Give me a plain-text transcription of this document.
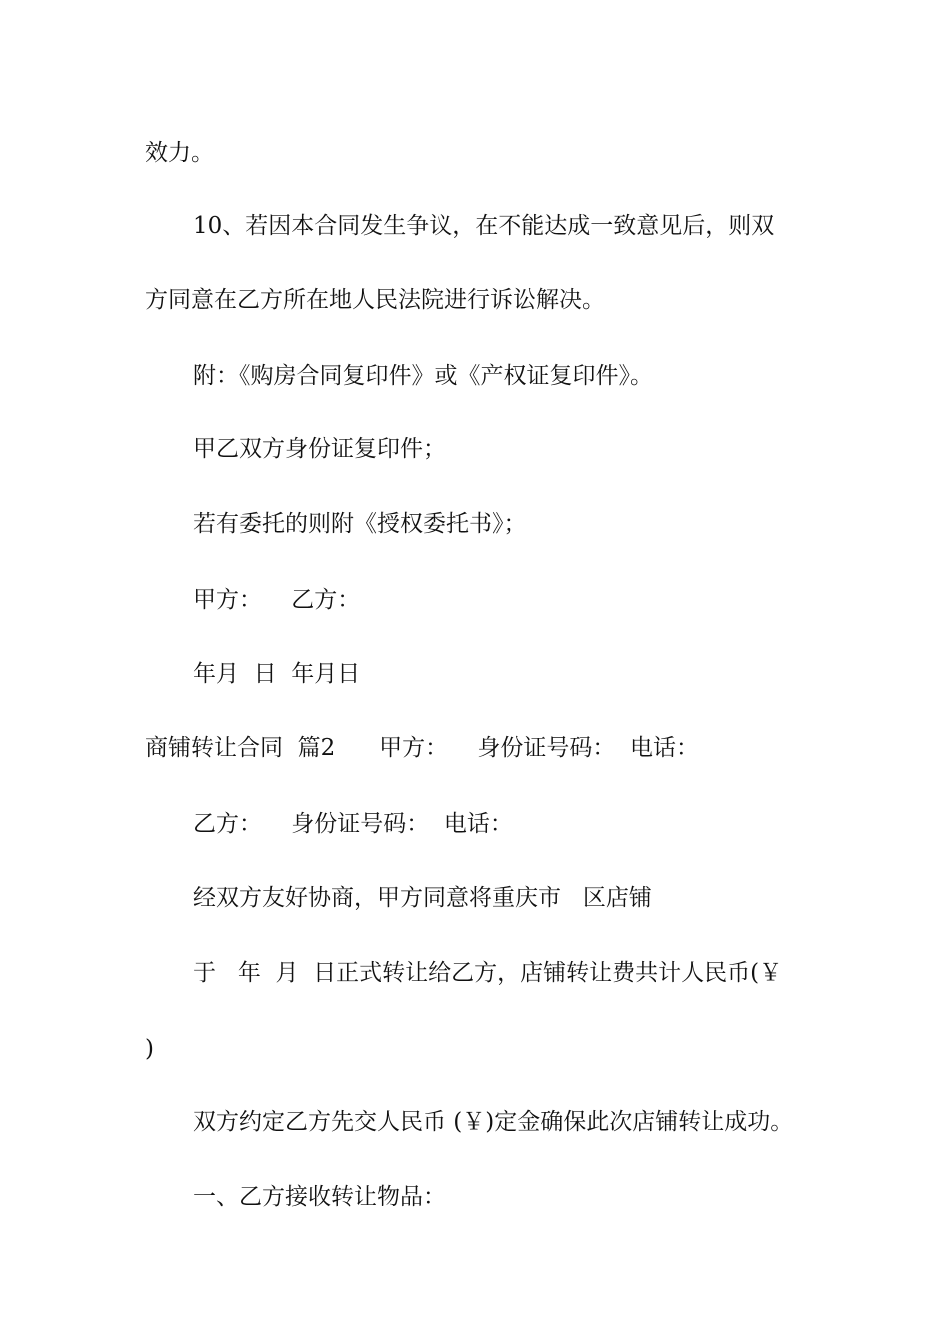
效力。

10、若因本合同发生争议，在不能达成一致意见后，则双

方同意在乙方所在地人民法院进行诉讼解决。

附：《购房合同复印件》或《产权证复印件》。

甲乙双方身份证复印件；

若有委托的则附《授权委托书》；

甲方：    乙方：

年月  日  年月日

商铺转让合同  篇2      甲方：    身份证号码：  电话：

乙方：    身份证号码：  电话：

经双方友好协商，甲方同意将重庆市   区店铺

于   年  月  日正式转让给乙方，店铺转让费共计人民币(￥

)

双方约定乙方先交人民币 (￥)定金确保此次店铺转让成功。

一、乙方接收转让物品：
